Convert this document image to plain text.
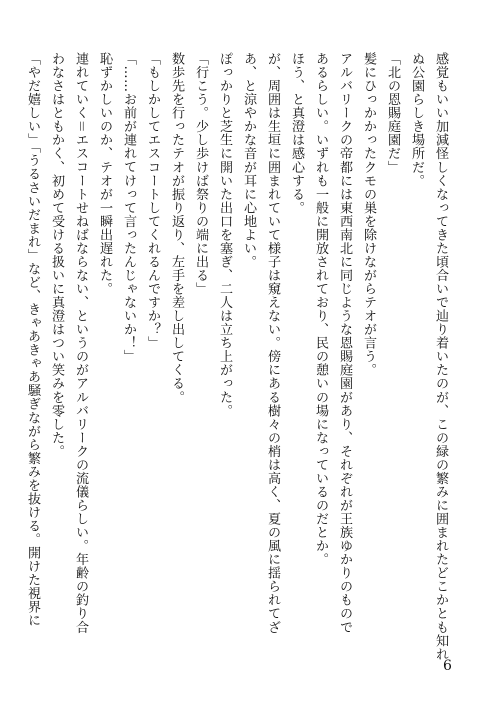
感覚もいい加減怪しくなってきた頃合いで辿り着いたのが、この緑の繁みに囲まれたどこかとも知れ
ぬ公園らしき場所だ。
「北の恩賜庭園だ」
髪にひっかかったクモの巣を除けながらテオが言う。
アルバリークの帝都には東西南北に同じような恩賜庭園があり、それぞれが王族ゆかりのもので
あるらしい。いずれも一般に開放されており、民の憩いの場になっているのだとか。
ほう、と真澄は感心する。
が、周囲は生垣に囲まれていて様子は窺えない。傍にある樹々の梢は高く、夏の風に揺られてざ
あ、と涼やかな音が耳に心地よい。
ぽっかりと芝生に開いた出口を塞ぎ、二人は立ち上がった。
「行こう。少し歩けば祭りの端に出る」
数歩先を行ったテオが振り返り、左手を差し出してくる。
「もしかしてエスコートしてくれるんですか？」
「……お前が連れてけって言ったんじゃないか！」
恥ずかしいのか、テオが一瞬出遅れた。
連れていく＝エスコートせねばならない、というのがアルバリークの流儀らしい。年齢の釣り合
わなさはともかく、初めて受ける扱いに真澄はつい笑みを零した。
「やだ嬉しい」「うるさいだまれ」など、きゃあきゃあ騒ぎながら繁みを抜ける。開けた視界に
6
